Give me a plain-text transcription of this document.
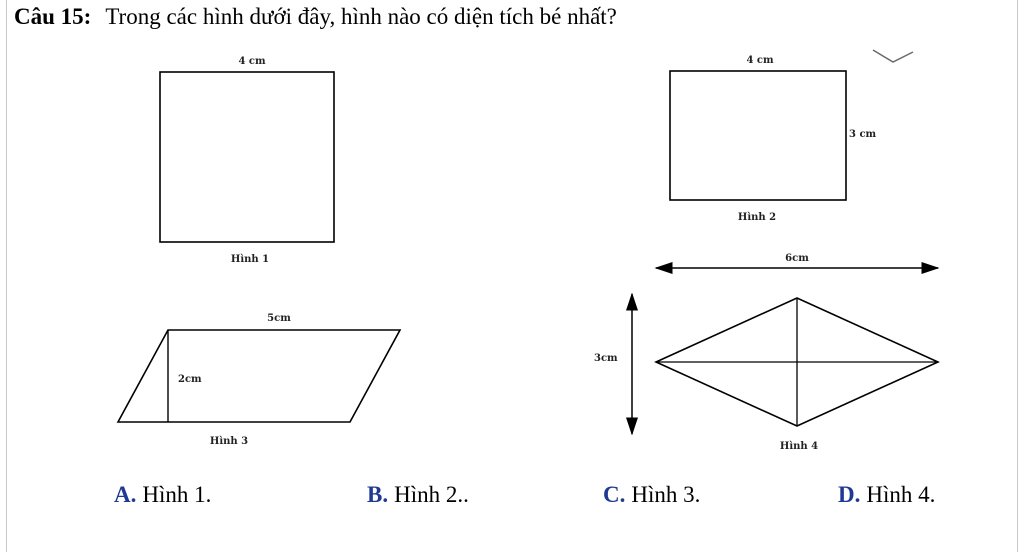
Câu 15: Trong các hình dưới đây, hình nào có diện tích bé nhất?
4 cm
Hình 1
4 cm
3 cm
Hình 2
5cm
2cm
Hình 3
6cm
3cm
Hình 4
A. Hình 1.	B. Hình 2..	C. Hình 3.	D. Hình 4.
